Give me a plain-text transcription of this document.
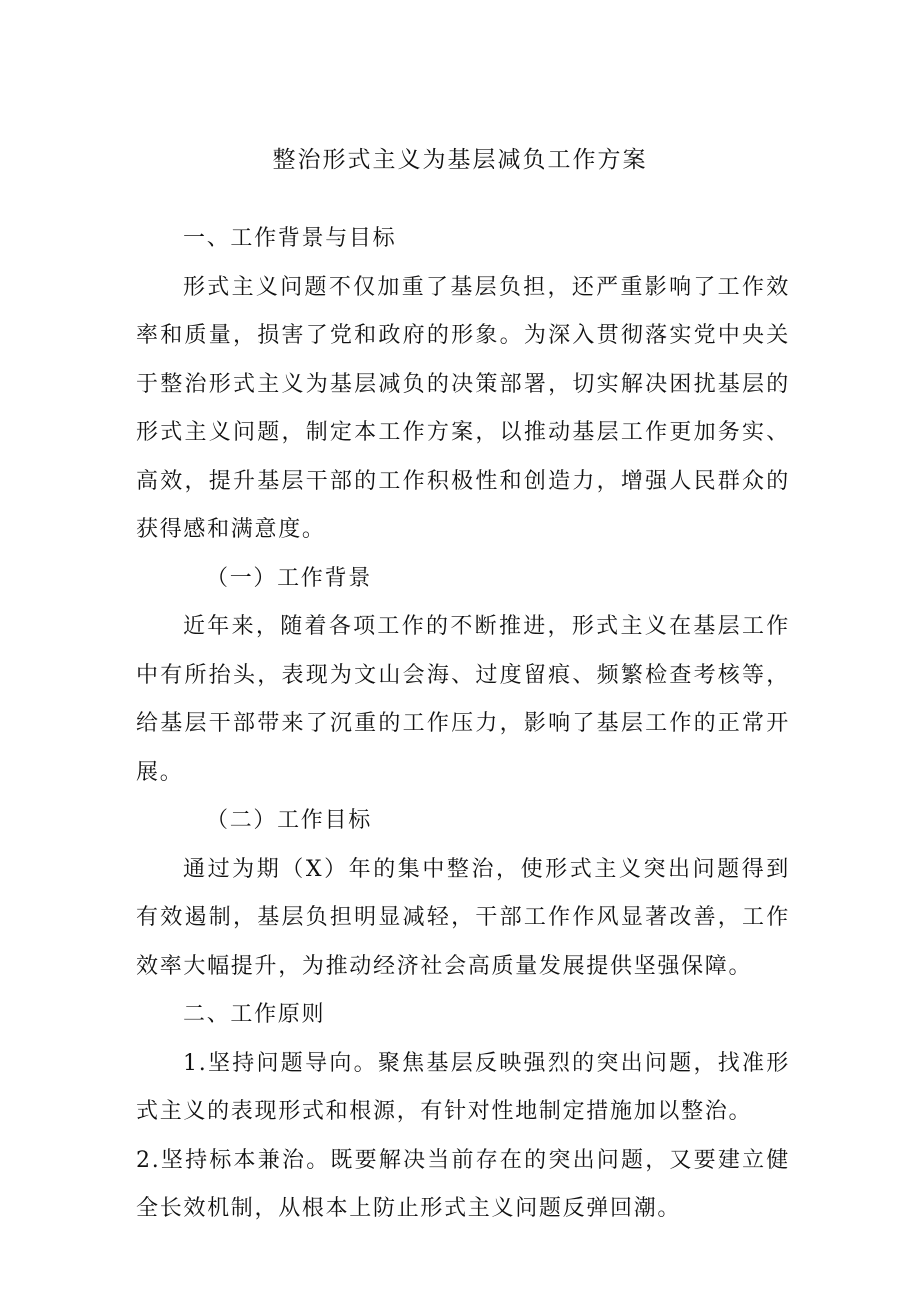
整治形式主义为基层减负工作方案

一、工作背景与目标

形式主义问题不仅加重了基层负担，还严重影响了工作效率和质量，损害了党和政府的形象。为深入贯彻落实党中央关于整治形式主义为基层减负的决策部署，切实解决困扰基层的形式主义问题，制定本工作方案，以推动基层工作更加务实、高效，提升基层干部的工作积极性和创造力，增强人民群众的获得感和满意度。

（一）工作背景

近年来，随着各项工作的不断推进，形式主义在基层工作中有所抬头，表现为文山会海、过度留痕、频繁检查考核等，给基层干部带来了沉重的工作压力，影响了基层工作的正常开展。

（二）工作目标

通过为期（X）年的集中整治，使形式主义突出问题得到有效遏制，基层负担明显减轻，干部工作作风显著改善，工作效率大幅提升，为推动经济社会高质量发展提供坚强保障。

二、工作原则

1.坚持问题导向。聚焦基层反映强烈的突出问题，找准形式主义的表现形式和根源，有针对性地制定措施加以整治。

2.坚持标本兼治。既要解决当前存在的突出问题，又要建立健全长效机制，从根本上防止形式主义问题反弹回潮。
